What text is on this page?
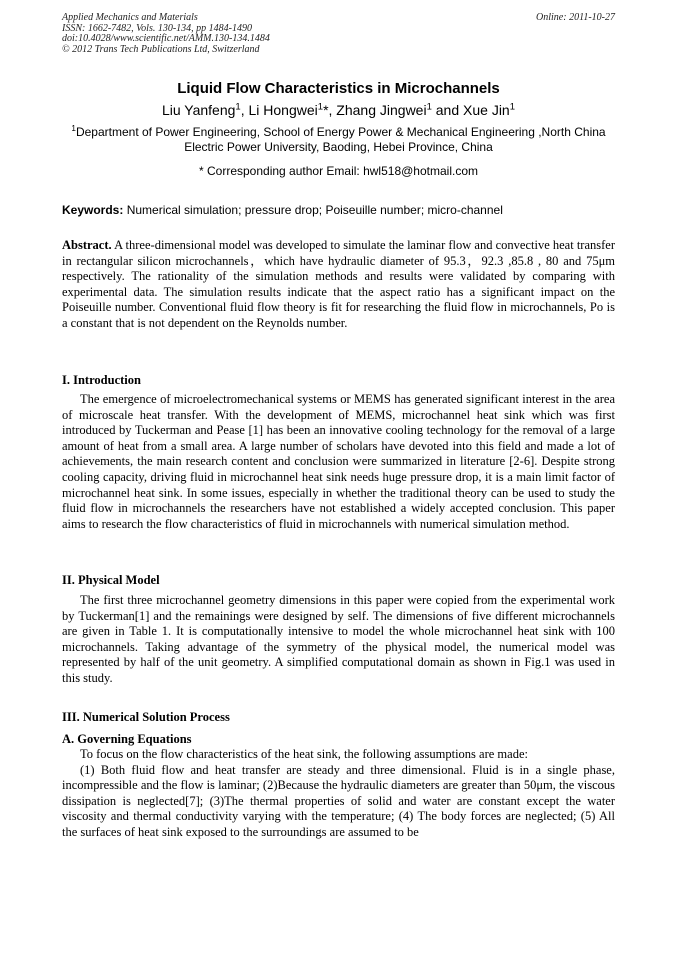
Applied Mechanics and Materials
ISSN: 1662-7482, Vols. 130-134, pp 1484-1490
doi:10.4028/www.scientific.net/AMM.130-134.1484
© 2012 Trans Tech Publications Ltd, Switzerland
Online: 2011-10-27
Liquid Flow Characteristics in Microchannels
Liu Yanfeng$^1$, Li Hongwei$^1$*, Zhang Jingwei$^1$ and Xue Jin$^1$
$^1$Department of Power Engineering, School of Energy Power & Mechanical Engineering ,North China Electric Power University, Baoding, Hebei Province, China
* Corresponding author Email: hwl518@hotmail.com
Keywords: Numerical simulation; pressure drop; Poiseuille number; micro-channel

Abstract. A three-dimensional model was developed to simulate the laminar flow and convective heat transfer in rectangular silicon microchannels，which have hydraulic diameter of 95.3，92.3 ,85.8 , 80 and 75μm respectively. The rationality of the simulation methods and results were validated by comparing with experimental data. The simulation results indicate that the aspect ratio has a significant impact on the Poiseuille number. Conventional fluid flow theory is fit for researching the fluid flow in microchannels, Po is a constant that is not dependent on the Reynolds number.

I. Introduction

The emergence of microelectromechanical systems or MEMS has generated significant interest in the area of microscale heat transfer. With the development of MEMS, microchannel heat sink which was first introduced by Tuckerman and Pease [1] has been an innovative cooling technology for the removal of a large amount of heat from a small area. A large number of scholars have devoted into this field and made a lot of achievements, the main research content and conclusion were summarized in literature [2-6]. Despite strong cooling capacity, driving fluid in microchannel heat sink needs huge pressure drop, it is a main limit factor of microchannel heat sink. In some issues, especially in whether the traditional theory can be used to study the fluid flow in microchannels the researchers have not established a widely accepted conclusion. This paper aims to research the flow characteristics of fluid in microchannels with numerical simulation method.

II. Physical Model

The first three microchannel geometry dimensions in this paper were copied from the experimental work by Tuckerman[1] and the remainings were designed by self. The dimensions of five different microchannels are given in Table 1. It is computationally intensive to model the whole microchannel heat sink with 100 microchannels. Taking advantage of the symmetry of the physical model, the numerical model was represented by half of the unit geometry. A simplified computational domain as shown in Fig.1 was used in this study.

III. Numerical Solution Process
A. Governing Equations

To focus on the flow characteristics of the heat sink, the following assumptions are made:

(1) Both fluid flow and heat transfer are steady and three dimensional. Fluid is in a single phase, incompressible and the flow is laminar; (2)Because the hydraulic diameters are greater than 50μm, the viscous dissipation is neglected[7]; (3)The thermal properties of solid and water are constant except the water viscosity and thermal conductivity varying with the temperature; (4) The body forces are neglected; (5) All the surfaces of heat sink exposed to the surroundings are assumed to be
